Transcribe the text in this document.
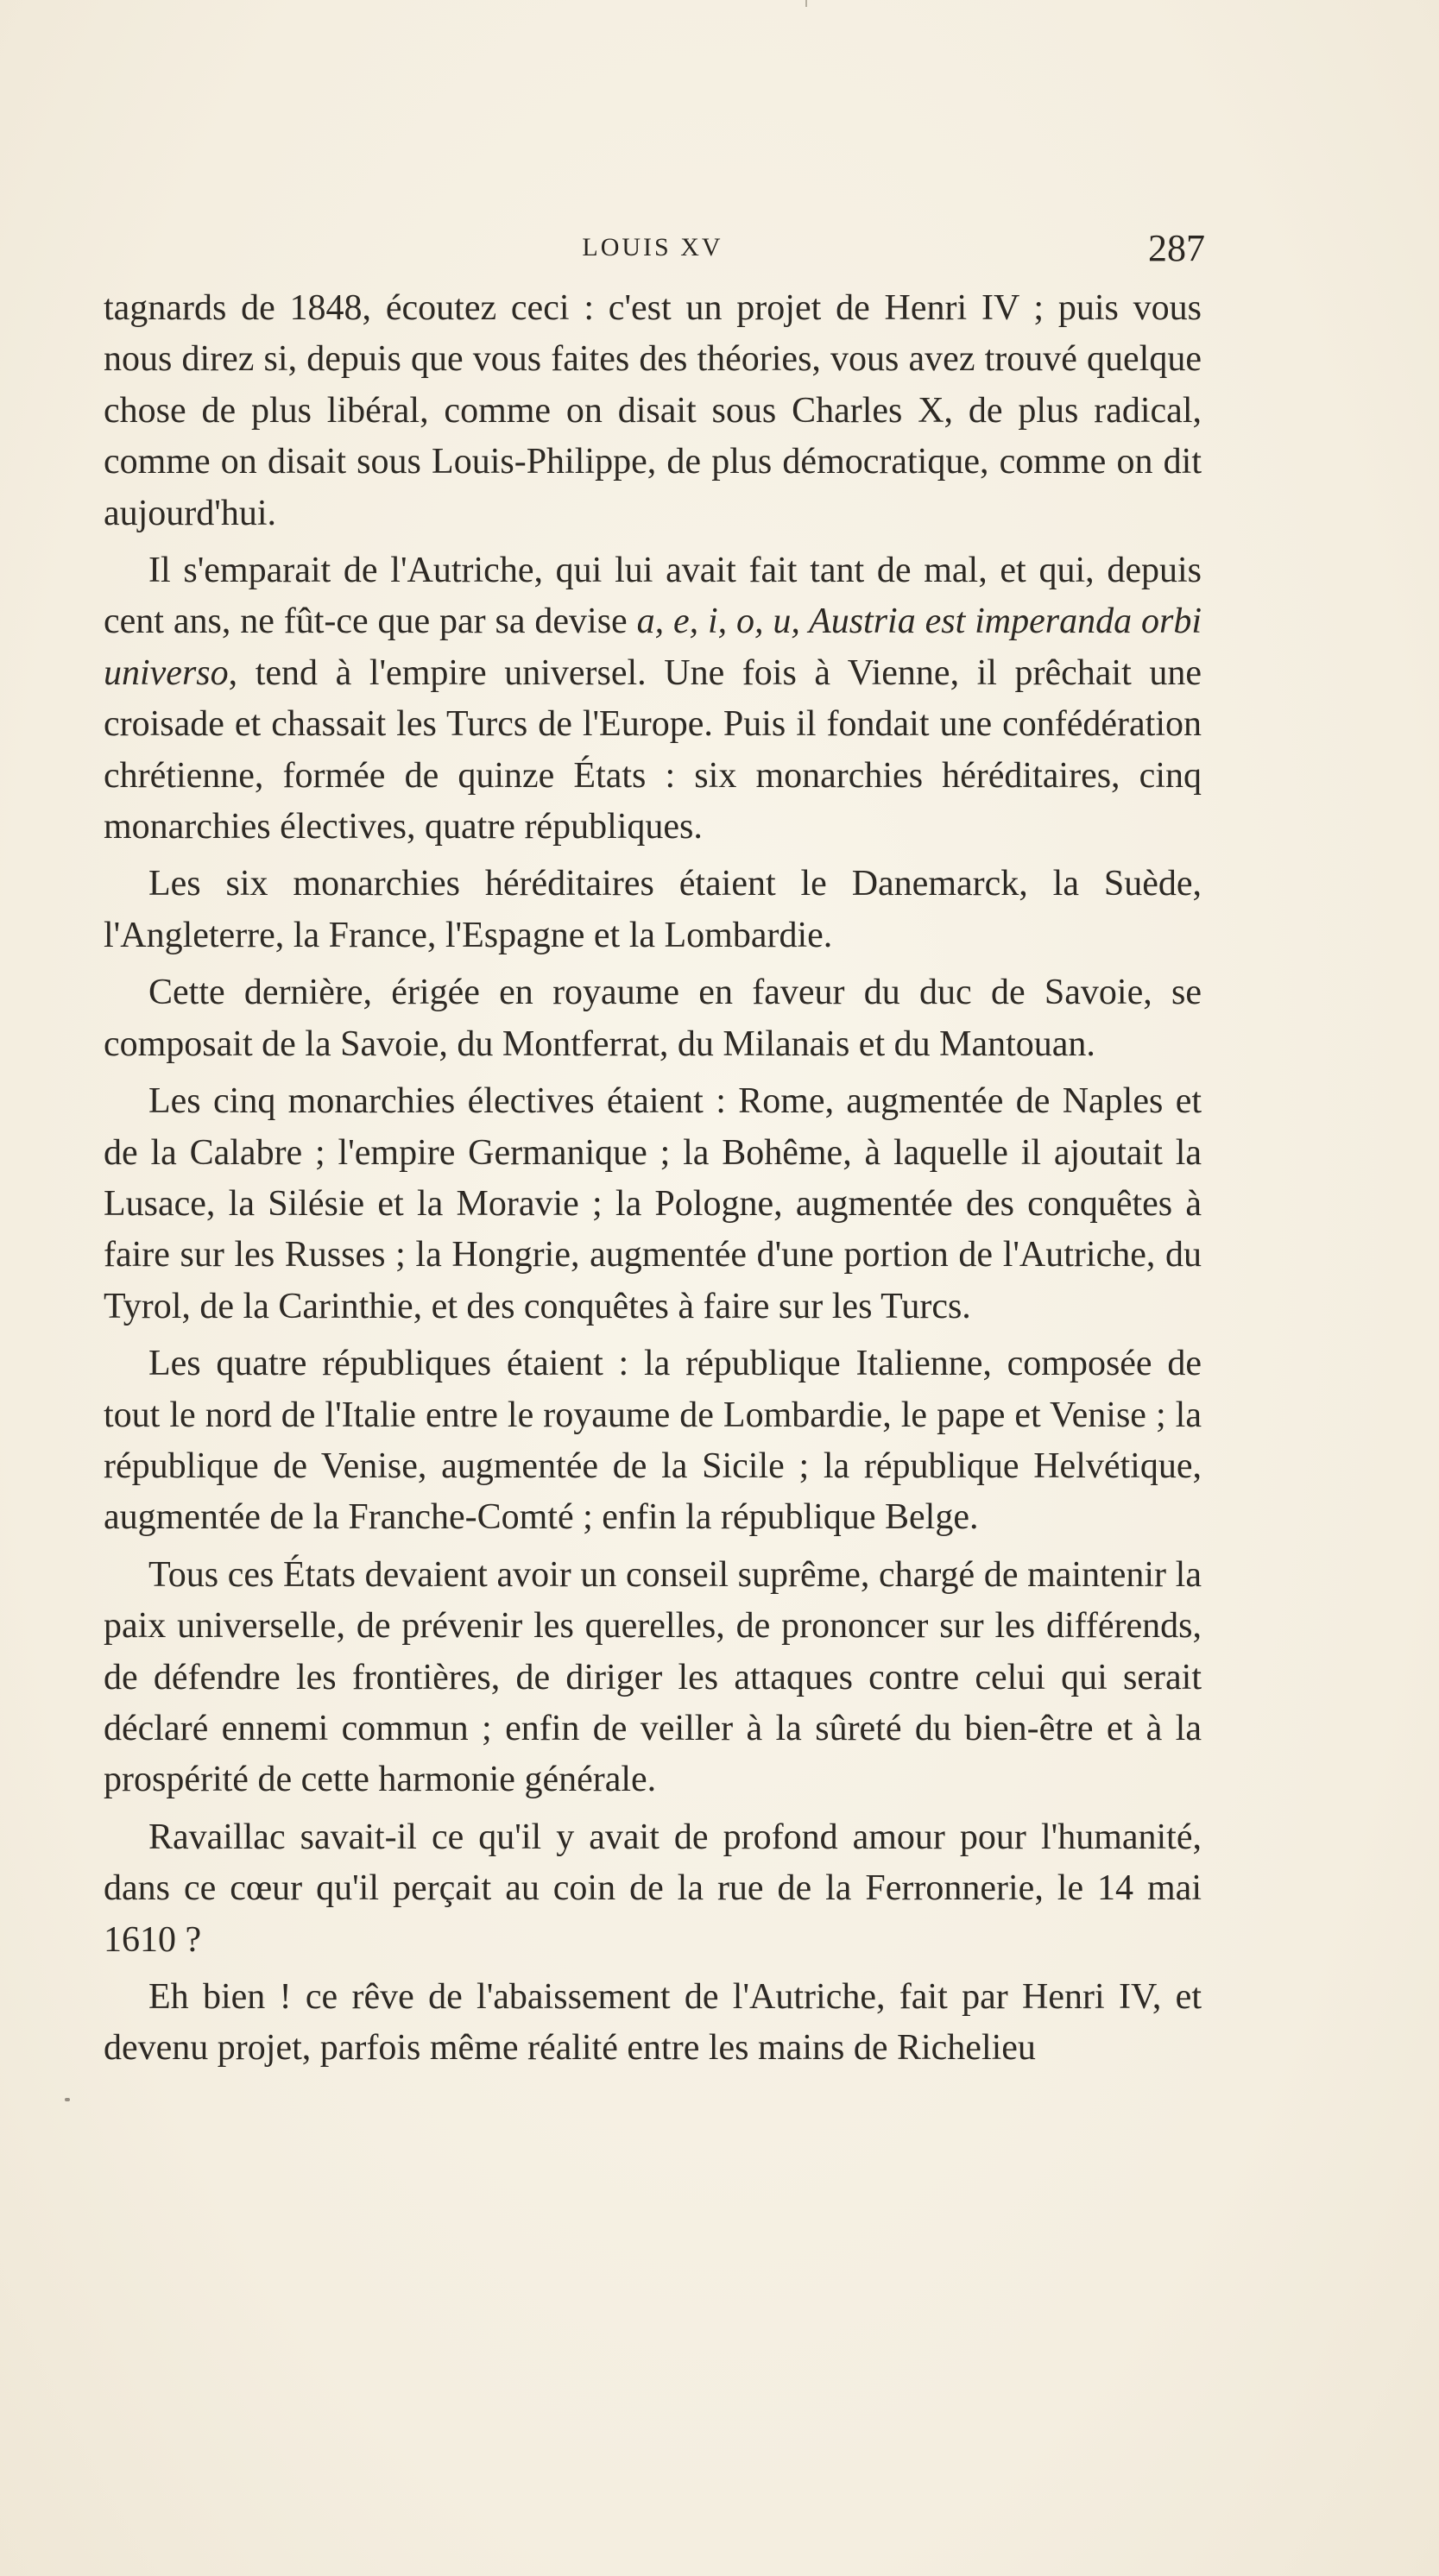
LOUIS XV	287

tagnards de 1848, écoutez ceci : c'est un projet de Henri IV ; puis vous nous direz si, depuis que vous faites des théories, vous avez trouvé quelque chose de plus libéral, comme on disait sous Charles X, de plus radical, comme on disait sous Louis-Philippe, de plus démocratique, comme on dit aujourd'hui.

Il s'emparait de l'Autriche, qui lui avait fait tant de mal, et qui, depuis cent ans, ne fût-ce que par sa devise a, e, i, o, u, Austria est imperanda orbi universo, tend à l'empire universel. Une fois à Vienne, il prêchait une croisade et chassait les Turcs de l'Europe. Puis il fondait une confédération chrétienne, formée de quinze États : six monarchies héréditaires, cinq monarchies électives, quatre républiques.

Les six monarchies héréditaires étaient le Danemarck, la Suède, l'Angleterre, la France, l'Espagne et la Lombardie.

Cette dernière, érigée en royaume en faveur du duc de Savoie, se composait de la Savoie, du Montferrat, du Milanais et du Mantouan.

Les cinq monarchies électives étaient : Rome, augmentée de Naples et de la Calabre ; l'empire Germanique ; la Bohême, à laquelle il ajoutait la Lusace, la Silésie et la Moravie ; la Pologne, augmentée des conquêtes à faire sur les Russes ; la Hongrie, augmentée d'une portion de l'Autriche, du Tyrol, de la Carinthie, et des conquêtes à faire sur les Turcs.

Les quatre républiques étaient : la république Italienne, composée de tout le nord de l'Italie entre le royaume de Lombardie, le pape et Venise ; la république de Venise, augmentée de la Sicile ; la république Helvétique, augmentée de la Franche-Comté ; enfin la république Belge.

Tous ces États devaient avoir un conseil suprême, chargé de maintenir la paix universelle, de prévenir les querelles, de prononcer sur les différends, de défendre les frontières, de diriger les attaques contre celui qui serait déclaré ennemi commun ; enfin de veiller à la sûreté du bien-être et à la prospérité de cette harmonie générale.

Ravaillac savait-il ce qu'il y avait de profond amour pour l'humanité, dans ce cœur qu'il perçait au coin de la rue de la Ferronnerie, le 14 mai 1610 ?

Eh bien ! ce rêve de l'abaissement de l'Autriche, fait par Henri IV, et devenu projet, parfois même réalité entre les mains de Richelieu
